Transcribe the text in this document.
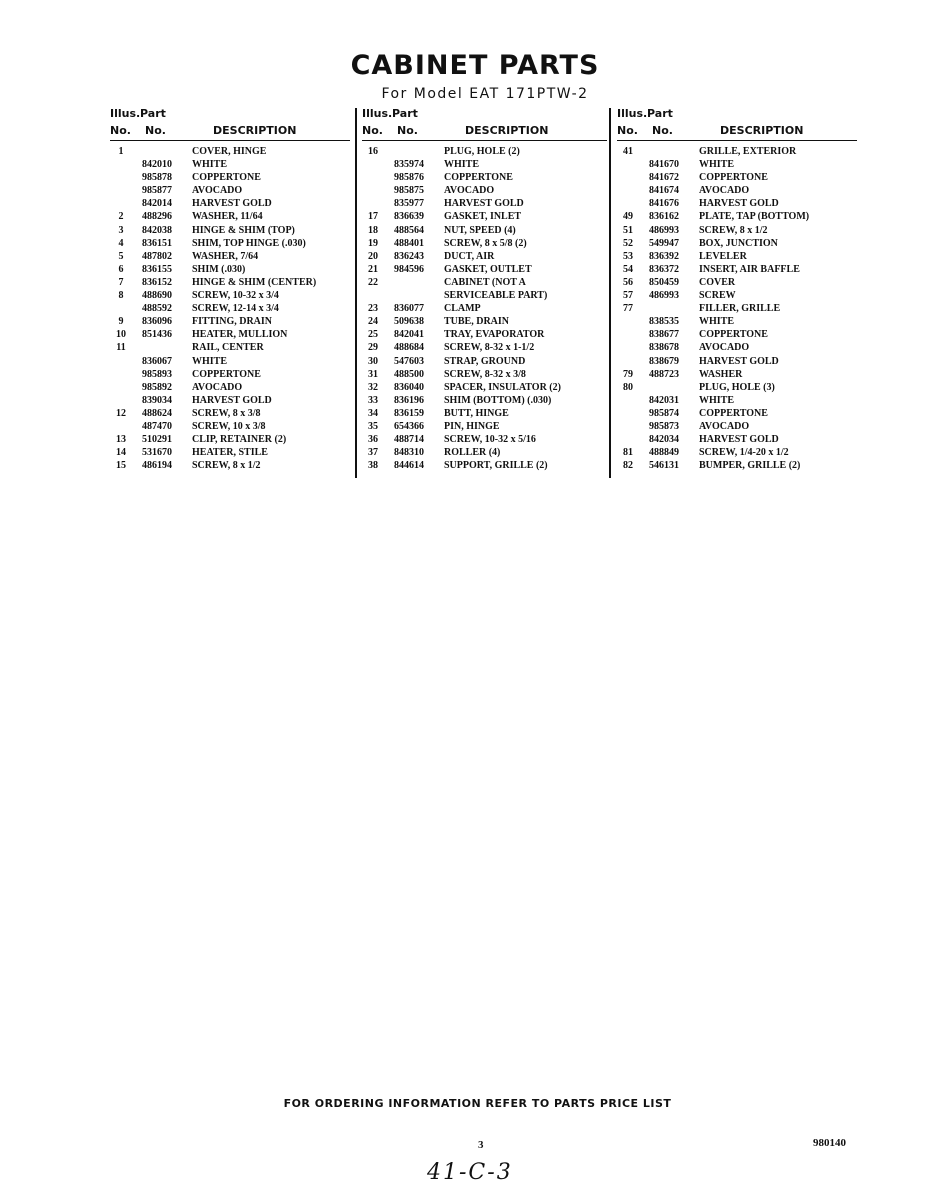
CABINET PARTS
For Model EAT 171PTW-2
Illus. Part
No. No.	DESCRIPTION
1	COVER, HINGE
842010 WHITE
985878 COPPERTONE
985877 AVOCADO
842014 HARVEST GOLD
2	488296 WASHER, 11/64
3	842038 HINGE & SHIM (TOP)
4	836151 SHIM, TOP HINGE (.030)
5	487802 WASHER, 7/64
6	836155 SHIM (.030)
7	836152 HINGE & SHIM (CENTER)
8	488690 SCREW, 10-32 x 3/4
488592 SCREW, 12-14 x 3/4
9	836096 FITTING, DRAIN
10	851436 HEATER, MULLION
11	RAIL, CENTER
836067 WHITE
985893 COPPERTONE
985892 AVOCADO
839034 HARVEST GOLD
12	488624 SCREW, 8 x 3/8
487470 SCREW, 10 x 3/8
13	510291 CLIP, RETAINER (2)
14	531670 HEATER, STILE
15	486194 SCREW, 8 x 1/2
Illus. Part
No. No.	DESCRIPTION
16	PLUG, HOLE (2)
835974 WHITE
985876 COPPERTONE
985875 AVOCADO
835977 HARVEST GOLD
17	836639 GASKET, INLET
18	488564 NUT, SPEED (4)
19	488401 SCREW, 8 x 5/8 (2)
20	836243 DUCT, AIR
21	984596 GASKET, OUTLET
22	CABINET (NOT A
SERVICEABLE PART)
23	836077 CLAMP
24	509638 TUBE, DRAIN
25	842041 TRAY, EVAPORATOR
29	488684 SCREW, 8-32 x 1-1/2
30	547603 STRAP, GROUND
31	488500 SCREW, 8-32 x 3/8
32	836040 SPACER, INSULATOR (2)
33	836196 SHIM (BOTTOM) (.030)
34	836159 BUTT, HINGE
35	654366 PIN, HINGE
36	488714 SCREW, 10-32 x 5/16
37	848310 ROLLER (4)
38	844614 SUPPORT, GRILLE (2)
Illus. Part
No. No.	DESCRIPTION
41	GRILLE, EXTERIOR
841670 WHITE
841672 COPPERTONE
841674 AVOCADO
841676 HARVEST GOLD
49	836162 PLATE, TAP (BOTTOM)
51	486993 SCREW, 8 x 1/2
52	549947 BOX, JUNCTION
53	836392 LEVELER
54	836372 INSERT, AIR BAFFLE
56	850459 COVER
57	486993 SCREW
77	FILLER, GRILLE
838535 WHITE
838677 COPPERTONE
838678 AVOCADO
838679 HARVEST GOLD
79	488723 WASHER
80	PLUG, HOLE (3)
842031 WHITE
985874 COPPERTONE
985873 AVOCADO
842034 HARVEST GOLD
81	488849 SCREW, 1/4-20 x 1/2
82	546131 BUMPER, GRILLE (2)
FOR ORDERING INFORMATION REFER TO PARTS PRICE LIST
3	980140
41-C-3
